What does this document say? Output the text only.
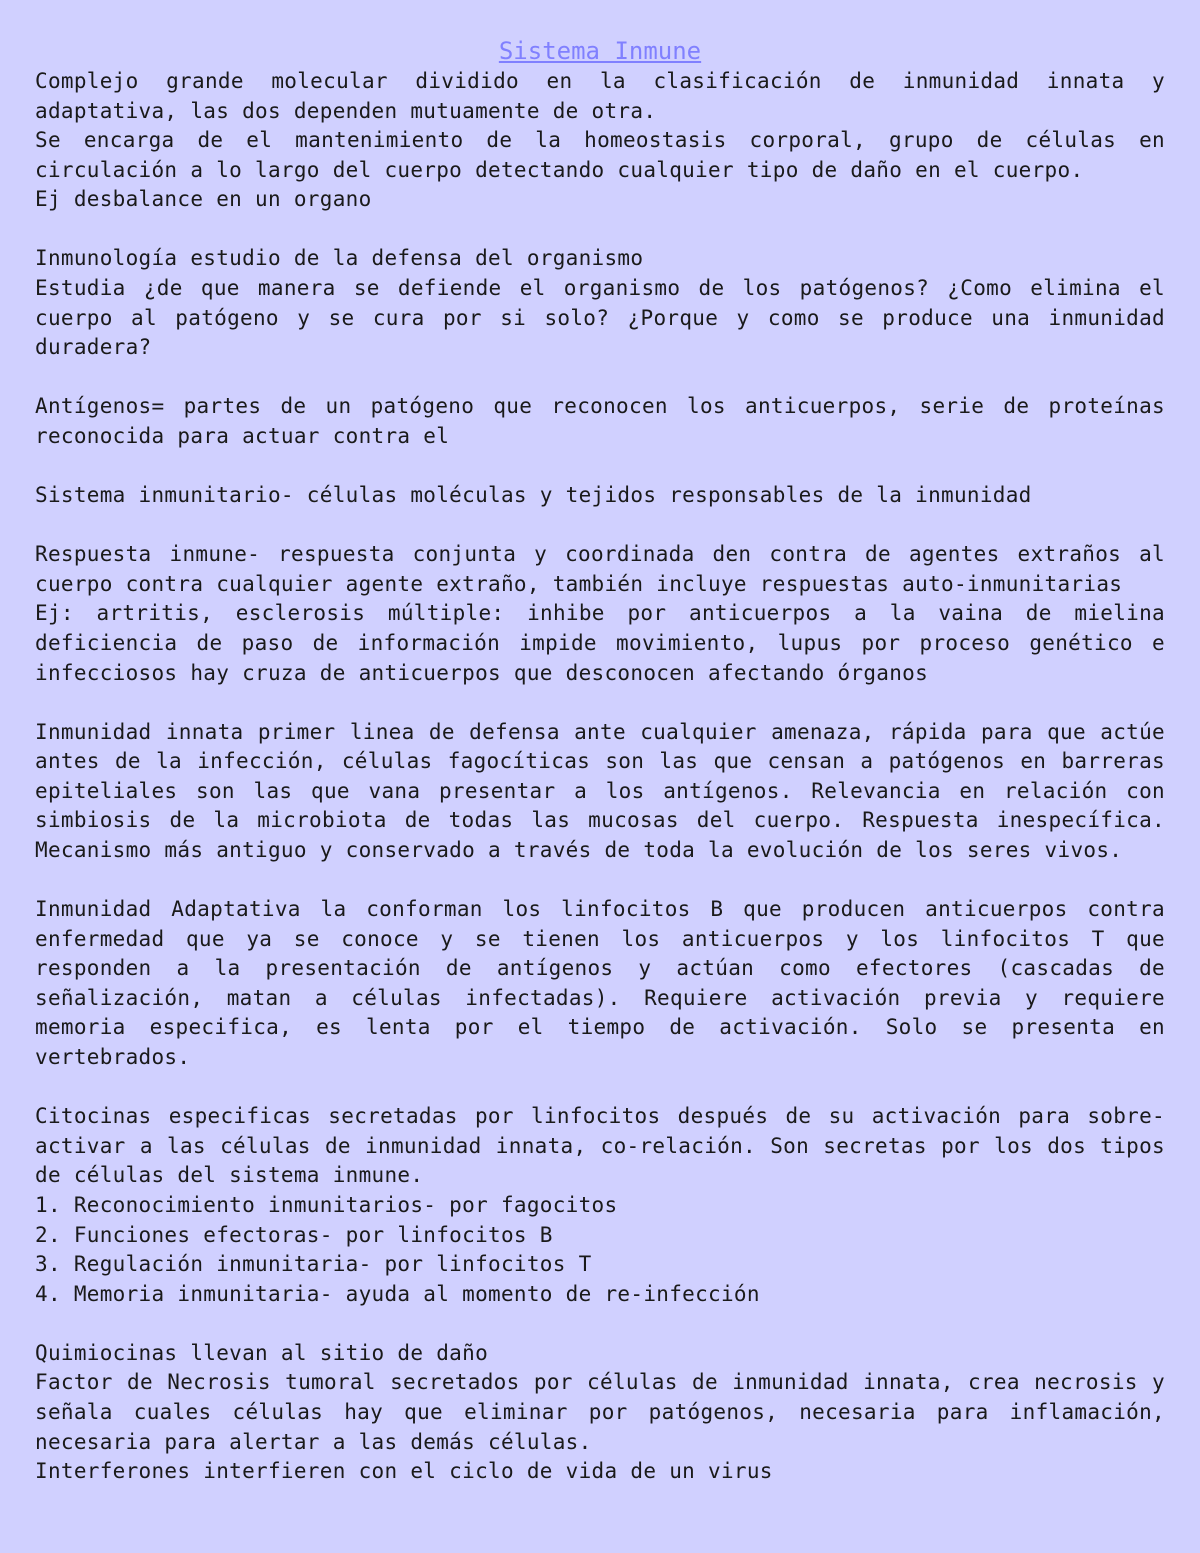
Sistema Inmune

Complejo grande molecular dividido en la clasificación de inmunidad innata y adaptativa, las dos dependen mutuamente de otra.

Se encarga de el mantenimiento de la homeostasis corporal, grupo de células en circulación a lo largo del cuerpo detectando cualquier tipo de daño en el cuerpo.

Ej desbalance en un organo

Inmunología estudio de la defensa del organismo

Estudia ¿de que manera se defiende el organismo de los patógenos? ¿Como elimina el cuerpo al patógeno y se cura por si solo? ¿Porque y como se produce una inmunidad duradera?

Antígenos= partes de un patógeno que reconocen los anticuerpos, serie de proteínas reconocida para actuar contra el

Sistema inmunitario- células moléculas y tejidos responsables de la inmunidad

Respuesta inmune- respuesta conjunta y coordinada den contra de agentes extraños al cuerpo contra cualquier agente extraño, también incluye respuestas auto-inmunitarias

Ej: artritis, esclerosis múltiple: inhibe por anticuerpos a la vaina de mielina deficiencia de paso de información impide movimiento, lupus por proceso genético e infecciosos hay cruza de anticuerpos que desconocen afectando órganos

Inmunidad innata primer linea de defensa ante cualquier amenaza, rápida para que actúe antes de la infección, células fagocíticas son las que censan a patógenos en barreras epiteliales son las que vana presentar a los antígenos. Relevancia en relación con simbiosis de la microbiota de todas las mucosas del cuerpo. Respuesta inespecífica. Mecanismo más antiguo y conservado a través de toda la evolución de los seres vivos.

Inmunidad Adaptativa la conforman los linfocitos B que producen anticuerpos contra enfermedad que ya se conoce y se tienen los anticuerpos y los linfocitos T que responden a la presentación de antígenos y actúan como efectores (cascadas de señalización, matan a células infectadas). Requiere activación previa y requiere memoria especifica, es lenta por el tiempo de activación. Solo se presenta en vertebrados.

Citocinas especificas secretadas por linfocitos después de su activación para sobre-activar a las células de inmunidad innata, co-relación. Son secretas por los dos tipos de células del sistema inmune.

1. Reconocimiento inmunitarios- por fagocitos
2. Funciones efectoras- por linfocitos B
3. Regulación inmunitaria- por linfocitos T
4. Memoria inmunitaria- ayuda al momento de re-infección

Quimiocinas llevan al sitio de daño

Factor de Necrosis tumoral secretados por células de inmunidad innata, crea necrosis y señala cuales células hay que eliminar por patógenos, necesaria para inflamación, necesaria para alertar a las demás células.

Interferones interfieren con el ciclo de vida de un virus
